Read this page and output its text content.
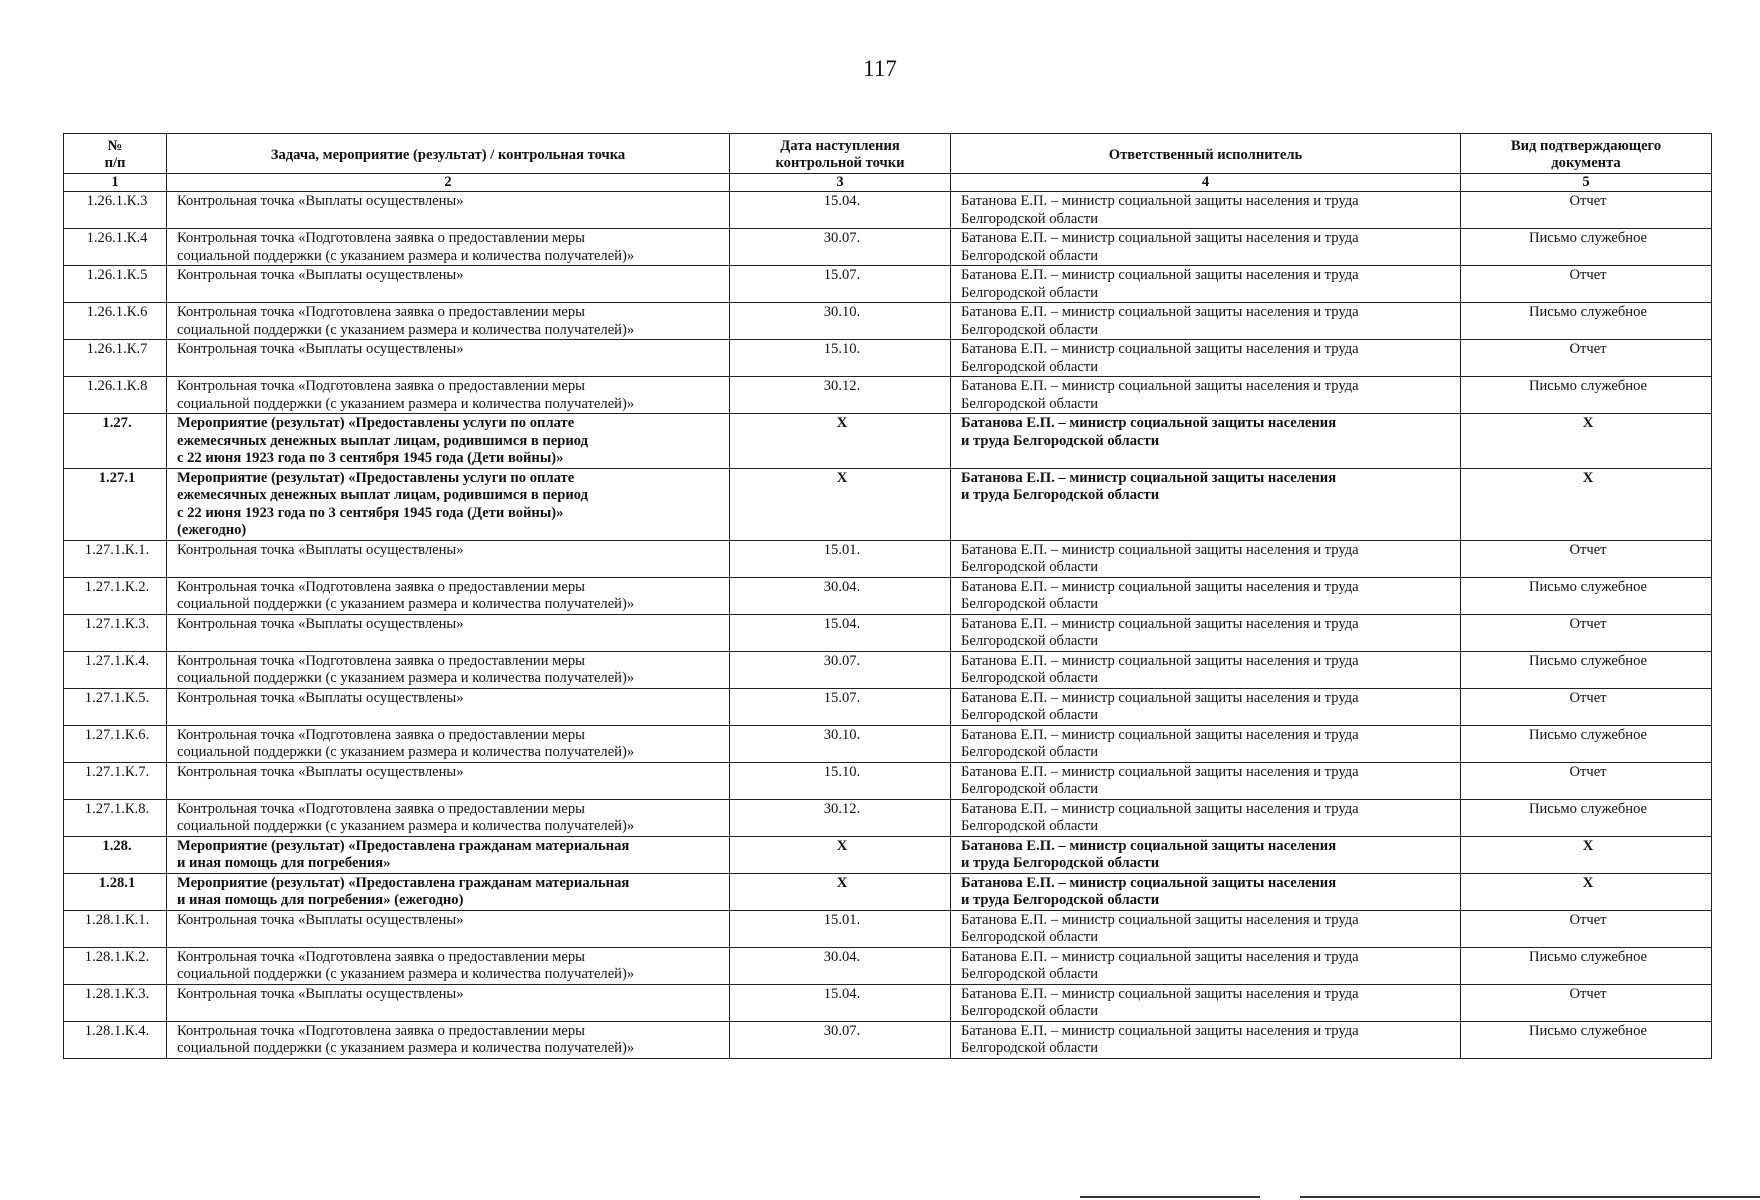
117
№
п/п	Задача, мероприятие (результат) / контрольная точка	Дата наступления
контрольной точки	Ответственный исполнитель	Вид подтверждающего
документа
1	2	3	4	5
1.26.1.К.3	Контрольная точка «Выплаты осуществлены»	15.04.	Батанова Е.П. – министр социальной защиты населения и труда
Белгородской области	Отчет
1.26.1.К.4	Контрольная точка «Подготовлена заявка о предоставлении меры
социальной поддержки (с указанием размера и количества получателей)»	30.07.	Батанова Е.П. – министр социальной защиты населения и труда
Белгородской области	Письмо служебное
1.26.1.К.5	Контрольная точка «Выплаты осуществлены»	15.07.	Батанова Е.П. – министр социальной защиты населения и труда
Белгородской области	Отчет
1.26.1.К.6	Контрольная точка «Подготовлена заявка о предоставлении меры
социальной поддержки (с указанием размера и количества получателей)»	30.10.	Батанова Е.П. – министр социальной защиты населения и труда
Белгородской области	Письмо служебное
1.26.1.К.7	Контрольная точка «Выплаты осуществлены»	15.10.	Батанова Е.П. – министр социальной защиты населения и труда
Белгородской области	Отчет
1.26.1.К.8	Контрольная точка «Подготовлена заявка о предоставлении меры
социальной поддержки (с указанием размера и количества получателей)»	30.12.	Батанова Е.П. – министр социальной защиты населения и труда
Белгородской области	Письмо служебное
1.27.	Мероприятие (результат) «Предоставлены услуги по оплате
ежемесячных денежных выплат лицам, родившимся в период
с 22 июня 1923 года по 3 сентября 1945 года (Дети войны)»	Х	Батанова Е.П. – министр социальной защиты населения
и труда Белгородской области	Х
1.27.1	Мероприятие (результат) «Предоставлены услуги по оплате
ежемесячных денежных выплат лицам, родившимся в период
с 22 июня 1923 года по 3 сентября 1945 года (Дети войны)»
(ежегодно)	Х	Батанова Е.П. – министр социальной защиты населения
и труда Белгородской области	Х
1.27.1.К.1.	Контрольная точка «Выплаты осуществлены»	15.01.	Батанова Е.П. – министр социальной защиты населения и труда
Белгородской области	Отчет
1.27.1.К.2.	Контрольная точка «Подготовлена заявка о предоставлении меры
социальной поддержки (с указанием размера и количества получателей)»	30.04.	Батанова Е.П. – министр социальной защиты населения и труда
Белгородской области	Письмо служебное
1.27.1.К.3.	Контрольная точка «Выплаты осуществлены»	15.04.	Батанова Е.П. – министр социальной защиты населения и труда
Белгородской области	Отчет
1.27.1.К.4.	Контрольная точка «Подготовлена заявка о предоставлении меры
социальной поддержки (с указанием размера и количества получателей)»	30.07.	Батанова Е.П. – министр социальной защиты населения и труда
Белгородской области	Письмо служебное
1.27.1.К.5.	Контрольная точка «Выплаты осуществлены»	15.07.	Батанова Е.П. – министр социальной защиты населения и труда
Белгородской области	Отчет
1.27.1.К.6.	Контрольная точка «Подготовлена заявка о предоставлении меры
социальной поддержки (с указанием размера и количества получателей)»	30.10.	Батанова Е.П. – министр социальной защиты населения и труда
Белгородской области	Письмо служебное
1.27.1.К.7.	Контрольная точка «Выплаты осуществлены»	15.10.	Батанова Е.П. – министр социальной защиты населения и труда
Белгородской области	Отчет
1.27.1.К.8.	Контрольная точка «Подготовлена заявка о предоставлении меры
социальной поддержки (с указанием размера и количества получателей)»	30.12.	Батанова Е.П. – министр социальной защиты населения и труда
Белгородской области	Письмо служебное
1.28.	Мероприятие (результат) «Предоставлена гражданам материальная
и иная помощь для погребения»	Х	Батанова Е.П. – министр социальной защиты населения
и труда Белгородской области	Х
1.28.1	Мероприятие (результат) «Предоставлена гражданам материальная
и иная помощь для погребения» (ежегодно)	Х	Батанова Е.П. – министр социальной защиты населения
и труда Белгородской области	Х
1.28.1.К.1.	Контрольная точка «Выплаты осуществлены»	15.01.	Батанова Е.П. – министр социальной защиты населения и труда
Белгородской области	Отчет
1.28.1.К.2.	Контрольная точка «Подготовлена заявка о предоставлении меры
социальной поддержки (с указанием размера и количества получателей)»	30.04.	Батанова Е.П. – министр социальной защиты населения и труда
Белгородской области	Письмо служебное
1.28.1.К.3.	Контрольная точка «Выплаты осуществлены»	15.04.	Батанова Е.П. – министр социальной защиты населения и труда
Белгородской области	Отчет
1.28.1.К.4.	Контрольная точка «Подготовлена заявка о предоставлении меры
социальной поддержки (с указанием размера и количества получателей)»	30.07.	Батанова Е.П. – министр социальной защиты населения и труда
Белгородской области	Письмо служебное
